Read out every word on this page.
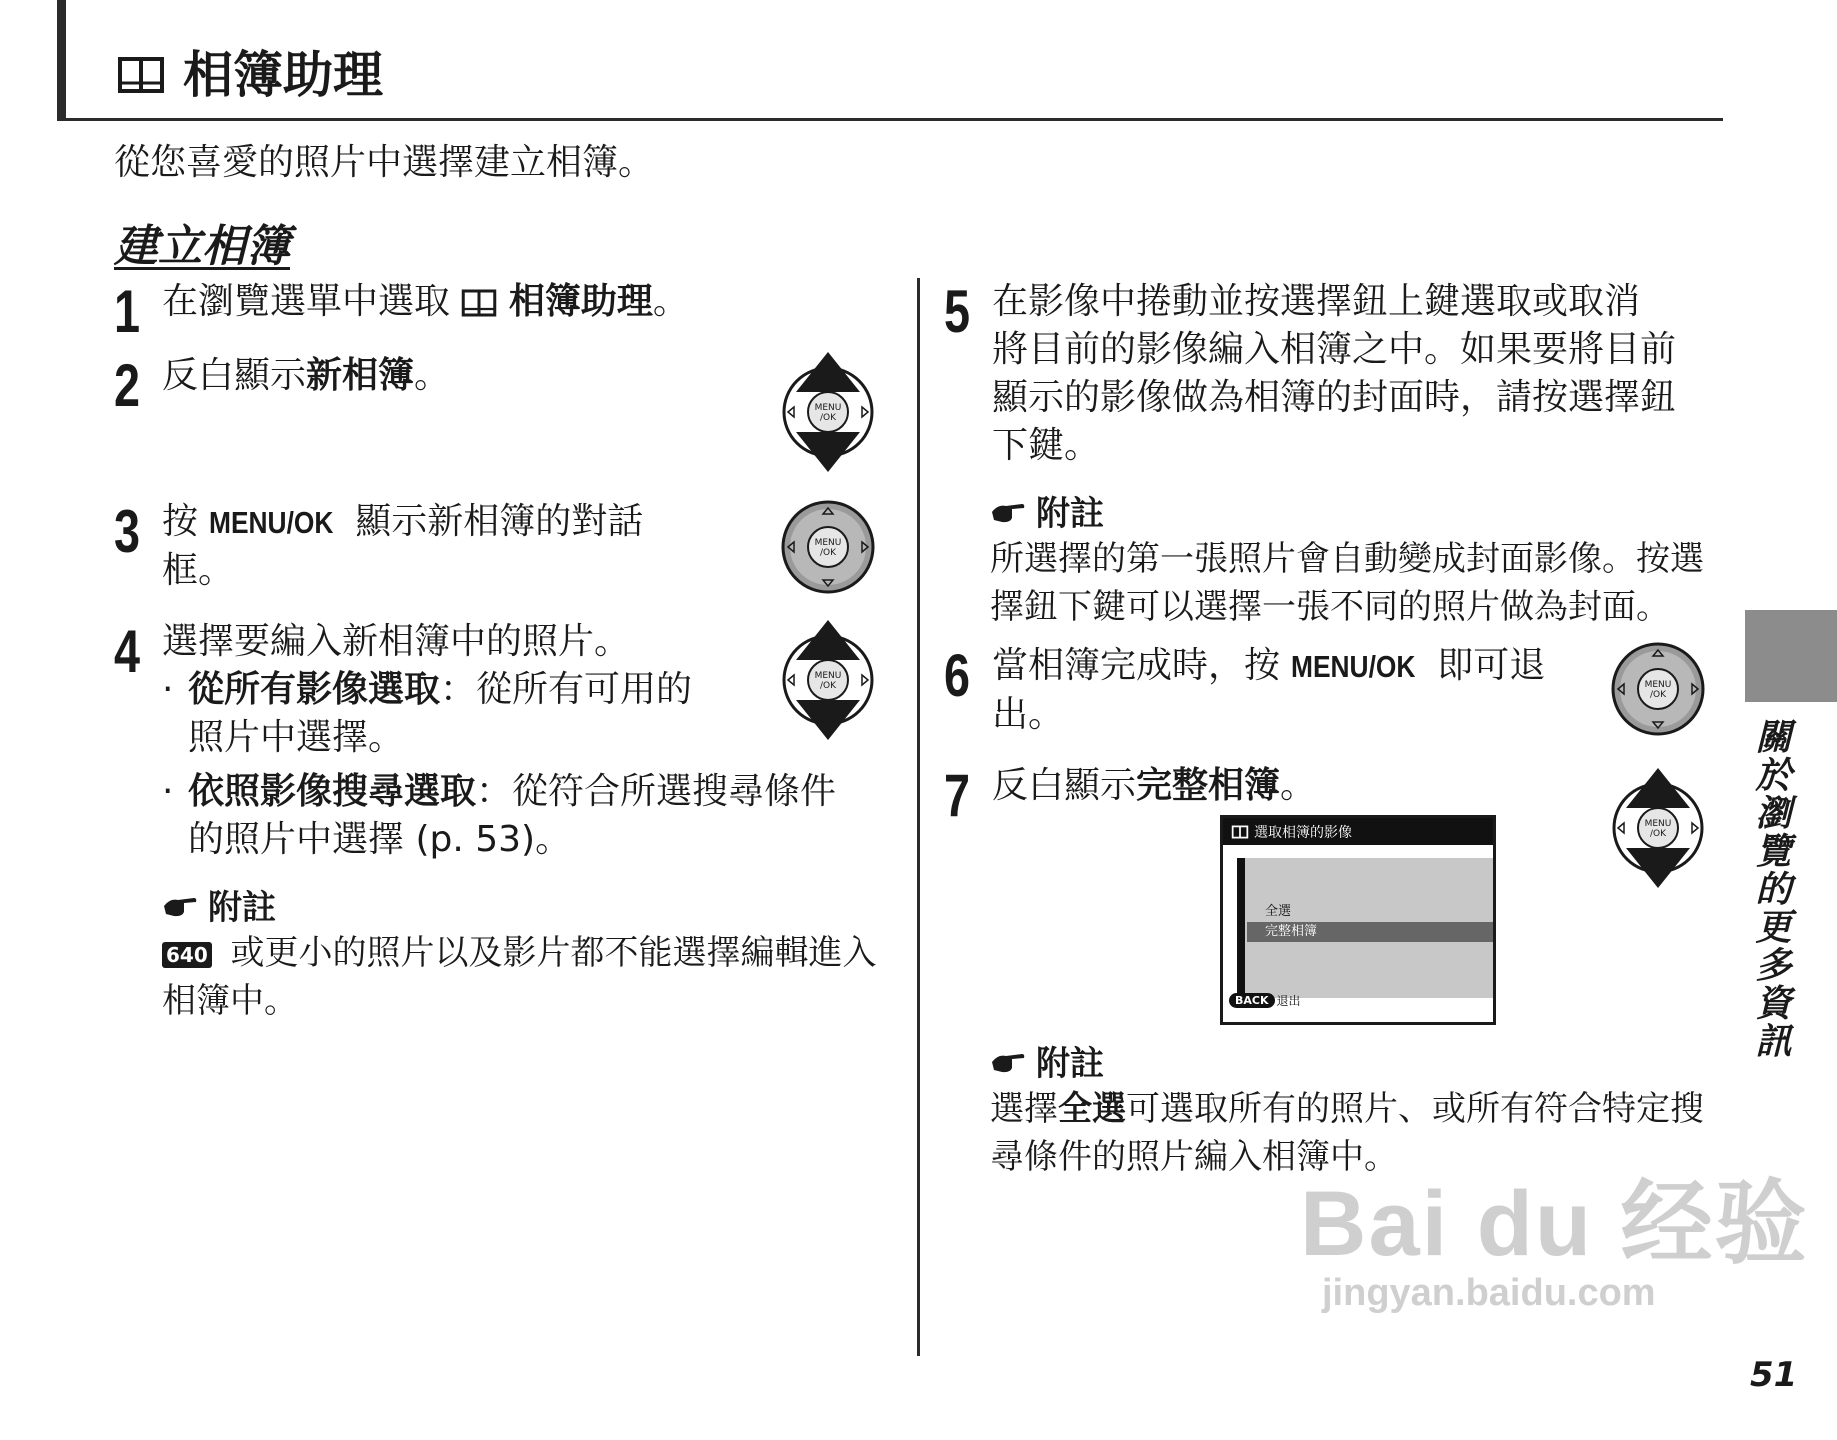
相簿助理
從您喜愛的照片中選擇建立相簿。
建立相簿
1 在瀏覽選單中選取  相簿助理。
2 反白顯示新相簿。
3 按 MENU/OK 顯示新相簿的對話
框。
4 選擇要編入新相簿中的照片。
· 從所有影像選取：從所有可用的
照片中選擇。
· 依照影像搜尋選取：從符合所選搜尋條件
的照片中選擇 (p. 53)。
附註
640 或更小的照片以及影片都不能選擇編輯進入
相簿中。
MENU
/OK
MENU
/OK
MENU
/OK
5 在影像中捲動並按選擇鈕上鍵選取或取消
將目前的影像編入相簿之中。如果要將目前
顯示的影像做為相簿的封面時，請按選擇鈕
下鍵。
附註
所選擇的第一張照片會自動變成封面影像。按選
擇鈕下鍵可以選擇一張不同的照片做為封面。
6 當相簿完成時，按 MENU/OK 即可退
出。
7 反白顯示完整相簿。
MENU
/OK
MENU
/OK
選取相簿的影像
全選
完整相簿
BACK 退出
附註
選擇全選可選取所有的照片、或所有符合特定搜
尋條件的照片編入相簿中。
關於瀏覽的更多資訊
Bai du 经验
jingyan.baidu.com
51
